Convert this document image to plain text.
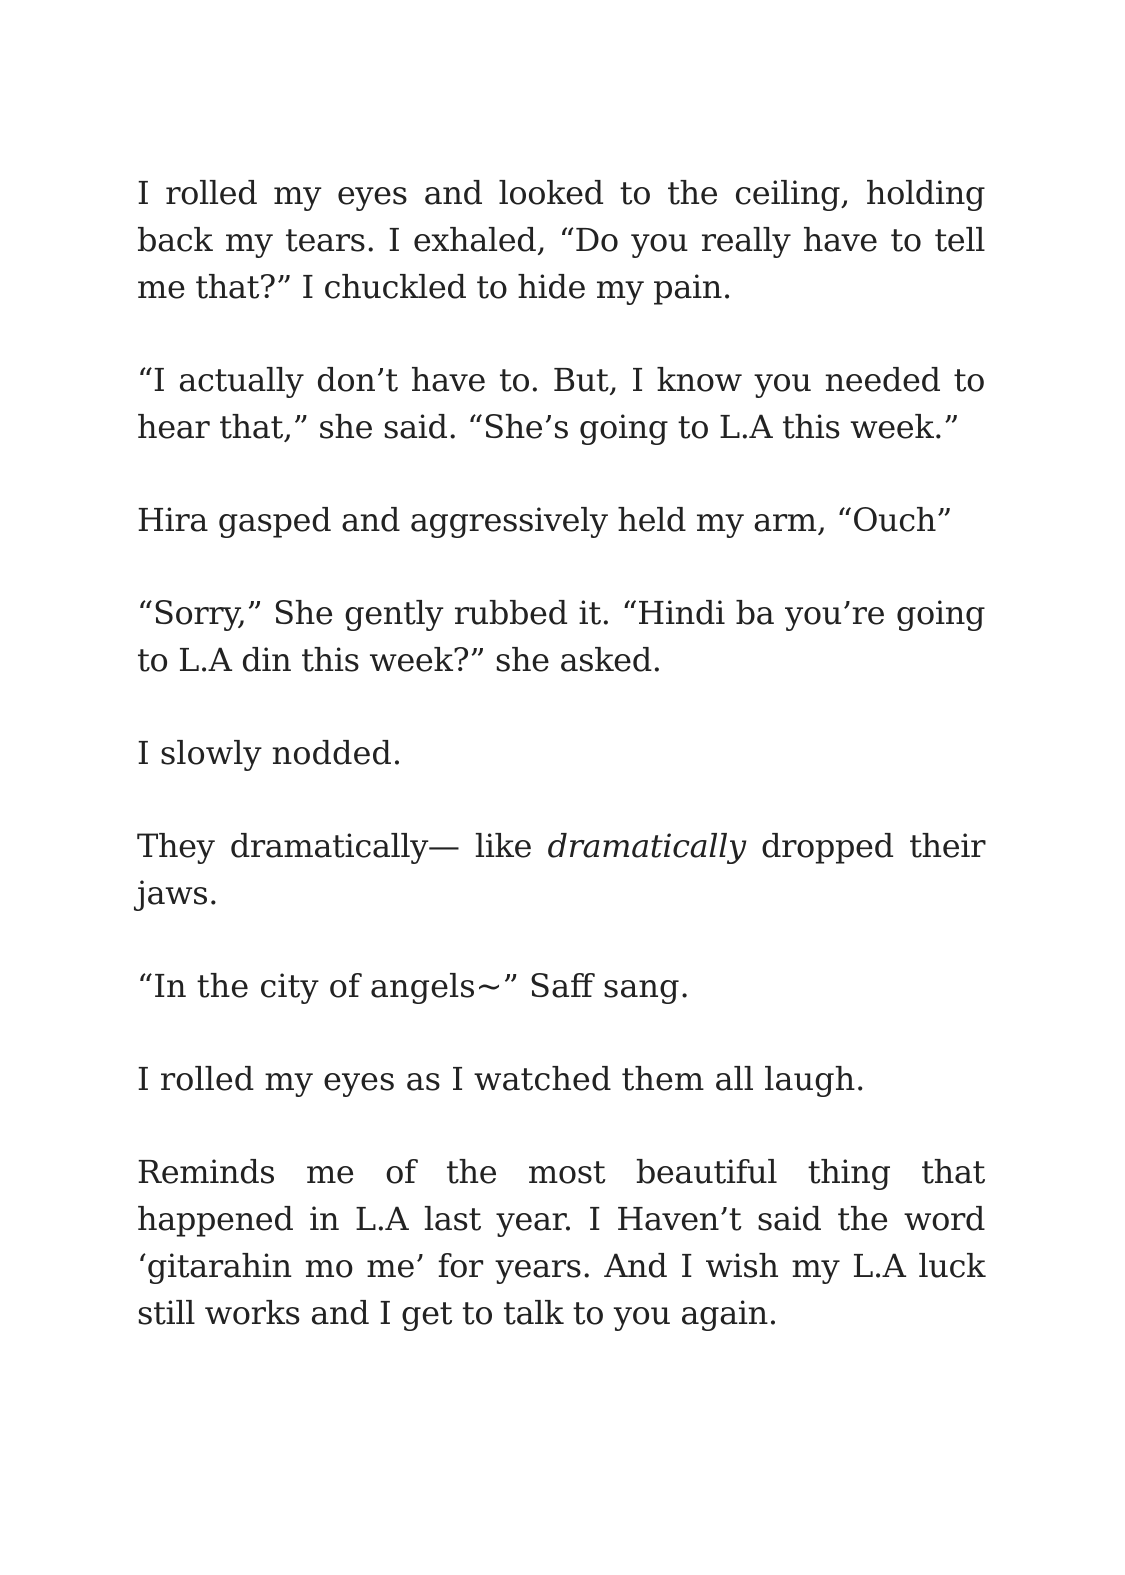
I rolled my eyes and looked to the ceiling, holding back my tears. I exhaled, “Do you really have to tell me that?” I chuckled to hide my pain.

“I actually don’t have to. But, I know you needed to hear that,” she said. “She’s going to L.A this week.”

Hira gasped and aggressively held my arm, “Ouch”

“Sorry,” She gently rubbed it. “Hindi ba you’re going to L.A din this week?” she asked.

I slowly nodded.

They dramatically— like dramatically dropped their jaws.

“In the city of angels~” Saff sang.

I rolled my eyes as I watched them all laugh.

Reminds me of the most beautiful thing that happened in L.A last year. I Haven’t said the word ‘gitarahin mo me’ for years. And I wish my L.A luck still works and I get to talk to you again.
